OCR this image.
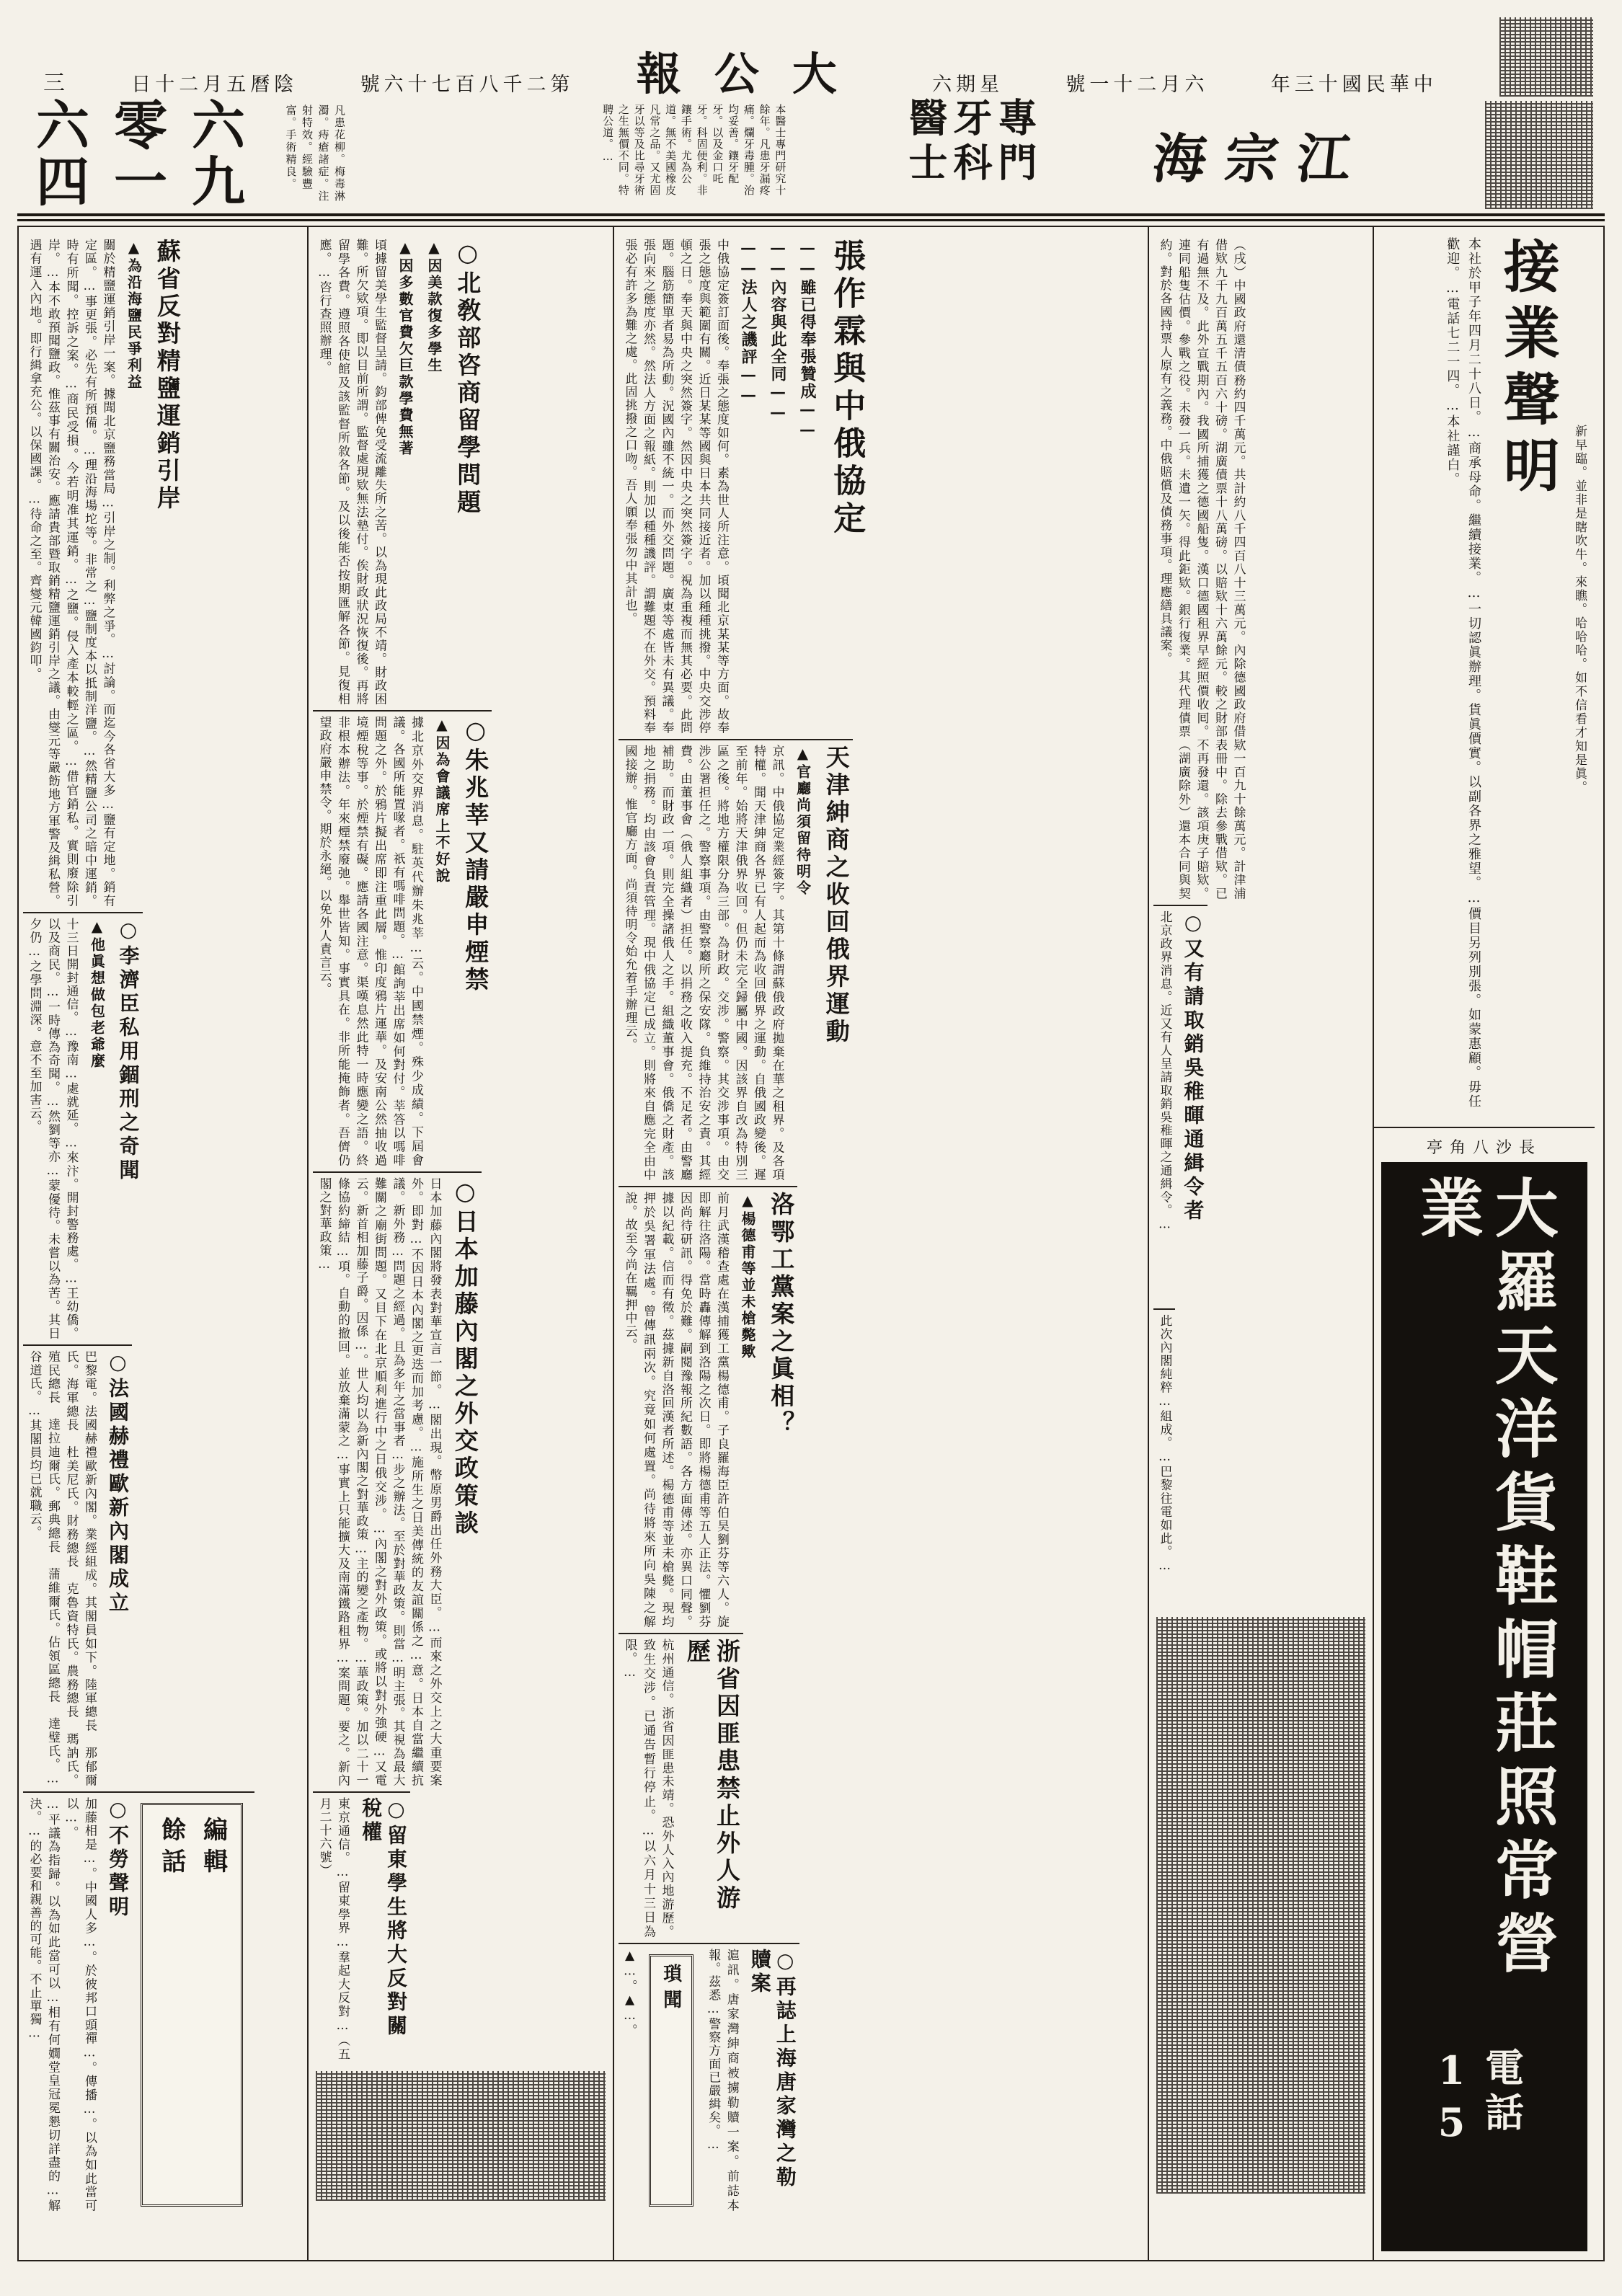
三	陰曆五月二十日	第二千八百七十六號 大公報	星期六	六月二十一號	中華民國十三年
六零六
九一四	凡患花柳。梅毒淋濁。痔瘡諸症。注射特效。經驗豐富。手術精良。	本醫士專門研究十餘年。凡患牙漏疼痛。爛牙毒腫。治均妥善。鑲牙配牙。以及金口吒牙。科固便利。非鑲手術。尤為公道。無不美國橡皮凡常之品。又尤固牙以等及比尋牙術之生無價不同。特聘公道。…	專門牙科醫士	江宗海
蘇省反對精鹽運銷引岸
▲為沿海鹽民爭利益
關於精鹽運銷引岸一案。據聞北京鹽務當局…引岸之制。利弊之爭。…討論。而迄今各省大多…鹽有定地。銷有定區。…事更張。必先有所預備。…理沿海場坨等。非常之…鹽制度本以抵制洋鹽。…然精鹽公司之暗中運銷。時有所聞。控訴之案。…商民受損。今若明准其運銷。…之鹽。侵入產本較輕之區。…借官銷私。實則廢除引岸。…本不敢預聞鹽政。惟茲事有關治安。應請貴部暨取銷精鹽運銷引岸之議。由燮元等嚴飭地方軍警及緝私營。遇有運入內地。即行緝拿充公。以保國課。…待命之至。齊燮元韓國鈞叩。
○李濟臣私用錮刑之奇聞
▲他眞想做包老爺麼
十三日開封通信。…豫南…處就延。…來汴。開封警務處。…王幼僑。以及商民。…一時傳為奇聞。…然劉等亦…蒙優待。未嘗以為苦。其日夕仍…之學問淵深。意不至加害云。
○法國赫禮歐新內閣成立
巴黎電。法國赫禮歐新內閣。業經組成。其閣員如下。陸軍總長　那郁爾氏。海軍總長　杜美尼氏。財務總長　克魯資特氏。農務總長　瑪訥氏。殖民總長　達拉迪爾氏。郵典總長　蒲維爾氏。佔領區總長　達璧氏。…谷道氏。…其閣員均已就職云。
編輯
餘話
○不勞聲明
加藤相是…。中國人多…。於彼邦口頭禪…。傳播…。以為如此當可以…。
…平議為指歸。以為如此當可以…相有何嫺堂皇冠冕懇切詳盡的…解決。…的必要和親善的可能。不止單獨…
○北敎部咨商留學問題
▲因美款復多學生
▲因多數官費欠巨款學費無著
頃據留美學生監督呈請。鈞部俾免受流離失所之苦。以為現此政局不靖。財政困難。所欠欵項。即以目前所謂。監督處現欵無法墊付。俟財政狀況恢復後。再將留學各費。遵照各使館及該監督所敘各節。及以後能否按期匯解各節。見復相應。…咨行查照辦理。
○朱兆莘又請嚴申煙禁
▲因為會議席上不好說
據北京外交界消息。駐英代辦朱兆莘…云。中國禁煙。殊少成績。下屆會議。各國所能置喙者。祇有嗎啡問題。…館詢莘出席如何對付。莘答以嗎啡問題之外。於鴉片擬出席即注重此層。惟印度鴉片運華。及安南公然抽收過境煙稅等事。於煙禁有礙。應請各國注意。渠嘆息然此特一時應變之語。終非根本辦法。年來煙禁廢弛。舉世皆知。事實具在。非所能掩飾者。吾儕仍望政府嚴申禁令。期於永絕。以免外人責言云。
○日本加藤內閣之外交政策談
日本加藤內閣將發表對華宣言一節。…閣出現。幣原男爵出任外務大臣。…而來之外交上之大重要案外。即對…不因日本內閣之更迭而加考慮。…施所生之日美傳統的友誼關係之…意。日本自當繼續抗議。新外務…問題之經過。且為多年之當事者…步之辦法。至於對華政策。則當…明主張。其視為最大難關之廟街問題。又目下在北京順利進行中之日俄交涉。…內閣之對外政策。或將以對外強硬…又電云。新首相加藤子爵。因係…。世人均以為新內閣之對華政策…主的變之產物。…華政策。加以二十一條協約締結…項。自動的撤回。並放棄滿蒙之…事實上只能擴大及南滿鐵路租界…案問題。要之。新內閣之對華政策…
○留東學生將大反對關稅權
東京通信。…留東學界…羣起大反對…（五月二十六號）
張作霖與中俄協定
——雖已得奉張贊成——
——內容與此全同——
——法人之譏評——
中俄協定簽訂面後。奉張之態度如何。素為世人所注意。頃聞北京某某等方面。故奉張之態度與範圍有關。近日某某等國與日本共同接近者。加以種種挑撥。中央交涉停頓之日。奉天與中央之突然簽字。然因中央之突然簽字。視為重複而無其必要。此問題。腦筋簡單者易為所動。況國內雖不統一。而外交問題。廣東等處皆未有異議。奉張向來之態度亦然。然法人方面之報紙。則加以種種譏評。謂難題不在外交。預料奉張必有許多為難之處。此固挑撥之口吻。吾人願奉張勿中其計也。
天津紳商之收回俄界運動
▲官廳尚須留待明令
京訊。中俄協定業經簽字。其第十條謂蘇俄政府拋棄在華之租界。及各項特權。聞天津紳商各界已有人起而為收回俄界之運動。自俄國政變後。遲至前年。始將天津俄界收回。但仍未完全歸屬中國。因該界自改為特別三區之後。將地方權限分為三部。為財政。交涉。警察。其交涉事項。由交涉公署担任之。警察事項。由警察廳所之保安隊。負維持治安之責。其經費。由董事會（俄人組織者）担任。以捐務之收入提充。不足者。由警廳補助。而財政一項。則完全操諸俄人之手。組織董事會。俄僑之財產。該地之捐務。均由該會負責管理。現中俄協定已成立。則將來自應完全由中國接辦。惟官廳方面。尚須待明令始允着手辦理云。
洛鄂工黨案之眞相？
▲楊德甫等並未槍斃歟
前月武漢稽查處在漢捕獲工黨楊德甫。子良羅海臣許伯昊劉芬等六人。旋即解往洛陽。當時轟傳解到洛陽之次日。即將楊德甫等五人正法。懼劉芬因尚待研訊。得免於難。嗣閱豫報所紀數語。各方面傳述。亦異口同聲。據以紀載。信而有徵。茲據新自洛回漢者所述。楊德甫等並未槍斃。現均押於吳署軍法處。曾傳訊兩次。究竟如何處置。尚待將來所向吳陳之解說。故至今尚在羈押中云。
浙省因匪患禁止外人游歷
杭州通信。浙省因匪患未靖。恐外人入內地游歷。致生交涉。已通告暫行停止。…以六月十三日為限。…
○再誌上海唐家灣之勒贖案
滬訊。唐家灣紳商被擄勒贖一案。前誌本報。茲悉…警察方面已嚴緝矣。…
瑣聞
▲…。▲…。
（戌）中國政府還清債務約四千萬元。共計約八千四百八十三萬元。內除德國政府借欵一百九十餘萬元。計津浦借欵九千九百萬五千五百六十磅。湖廣債票十八萬磅。以賠欵十六萬餘元。較之財部表冊中。除去參戰借欵。已有過無不及。此外宣戰期內。我國所捕獲之德國船隻。漢口德國租界早經照價收囘。不再發還。該項庚子賠欵。連同船隻估價。參戰之役。未發一兵。未遺一矢。得此鉅欵。銀行復業。其代理債票（湖廣除外）還本合同與契約。對於各國持票人原有之義務。中俄賠償及債務事項。理應繕具議案。
○又有請取銷吳稚暉通緝令者
北京政界消息。近又有人呈請取銷吳稚暉之通緝令。…
此次內閣純粹…組成。…巴黎往電如此。…
新早臨。並非是瞎吹牛。來瞧。哈哈哈。如不信看才知是眞。
接業聲明
本社於甲子年四月二十八日。…商承母命。繼續接業。…一切認眞辦理。貨眞價實。以副各界之雅望。…價目另列別張。如蒙惠顧。毋任歡迎。…電話七二一四。…本社謹白。
長沙八角亭
大羅天洋貨鞋帽莊照常營業
電話15
